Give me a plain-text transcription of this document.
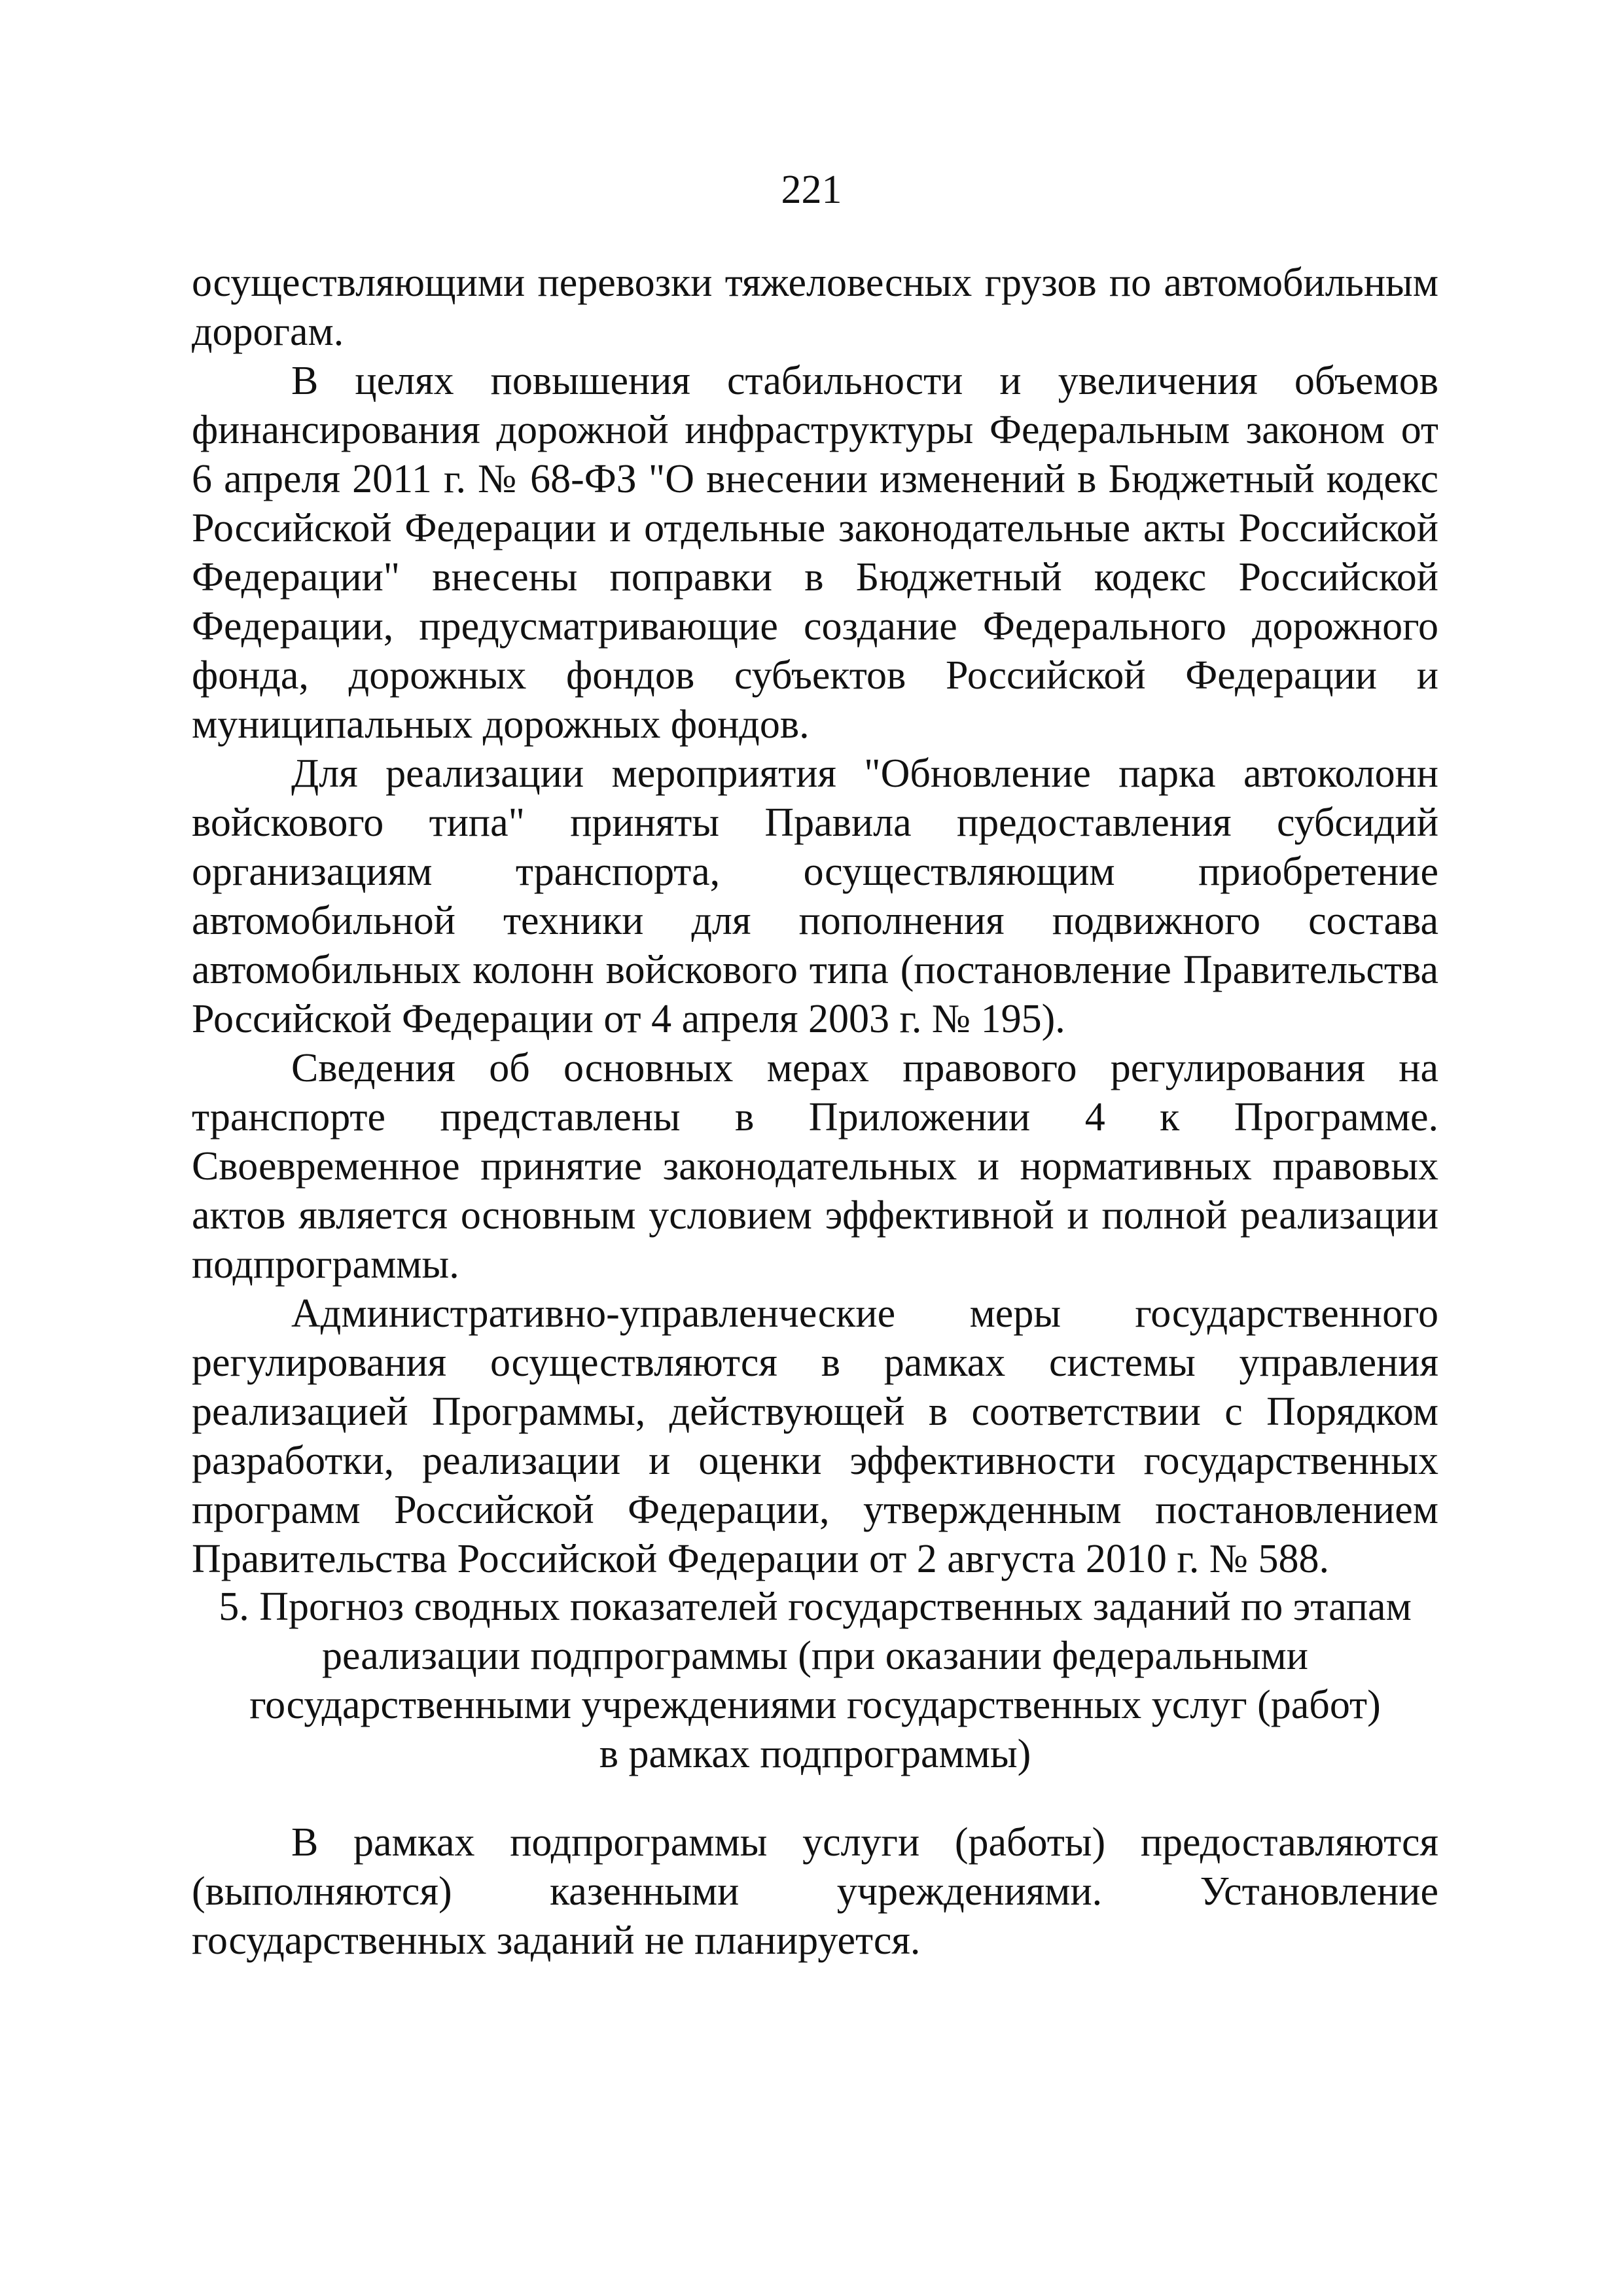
221

осуществляющими перевозки тяжеловесных грузов по автомобильным дорогам.

В целях повышения стабильности и увеличения объемов финансирования дорожной инфраструктуры Федеральным законом от 6 апреля 2011 г. № 68-ФЗ "О внесении изменений в Бюджетный кодекс Российской Федерации и отдельные законодательные акты Российской Федерации" внесены поправки в Бюджетный кодекс Российской Федерации, предусматривающие создание Федерального дорожного фонда, дорожных фондов субъектов Российской Федерации и муниципальных дорожных фондов.

Для реализации мероприятия "Обновление парка автоколонн войскового типа" приняты Правила предоставления субсидий организациям транспорта, осуществляющим приобретение автомобильной техники для пополнения подвижного состава автомобильных колонн войскового типа (постановление Правительства Российской Федерации от 4 апреля 2003 г. № 195).

Сведения об основных мерах правового регулирования на транспорте представлены в Приложении 4 к Программе. Своевременное принятие законодательных и нормативных правовых актов является основным условием эффективной и полной реализации подпрограммы.

Административно-управленческие меры государственного регулирования осуществляются в рамках системы управления реализацией Программы, действующей в соответствии с Порядком разработки, реализации и оценки эффективности государственных программ Российской Федерации, утвержденным постановлением Правительства Российской Федерации от 2 августа 2010 г. № 588.

5. Прогноз сводных показателей государственных заданий по этапам
реализации подпрограммы (при оказании федеральными
государственными учреждениями государственных услуг (работ)
в рамках подпрограммы)

В рамках подпрограммы услуги (работы) предоставляются (выполняются) казенными учреждениями. Установление государственных заданий не планируется.
